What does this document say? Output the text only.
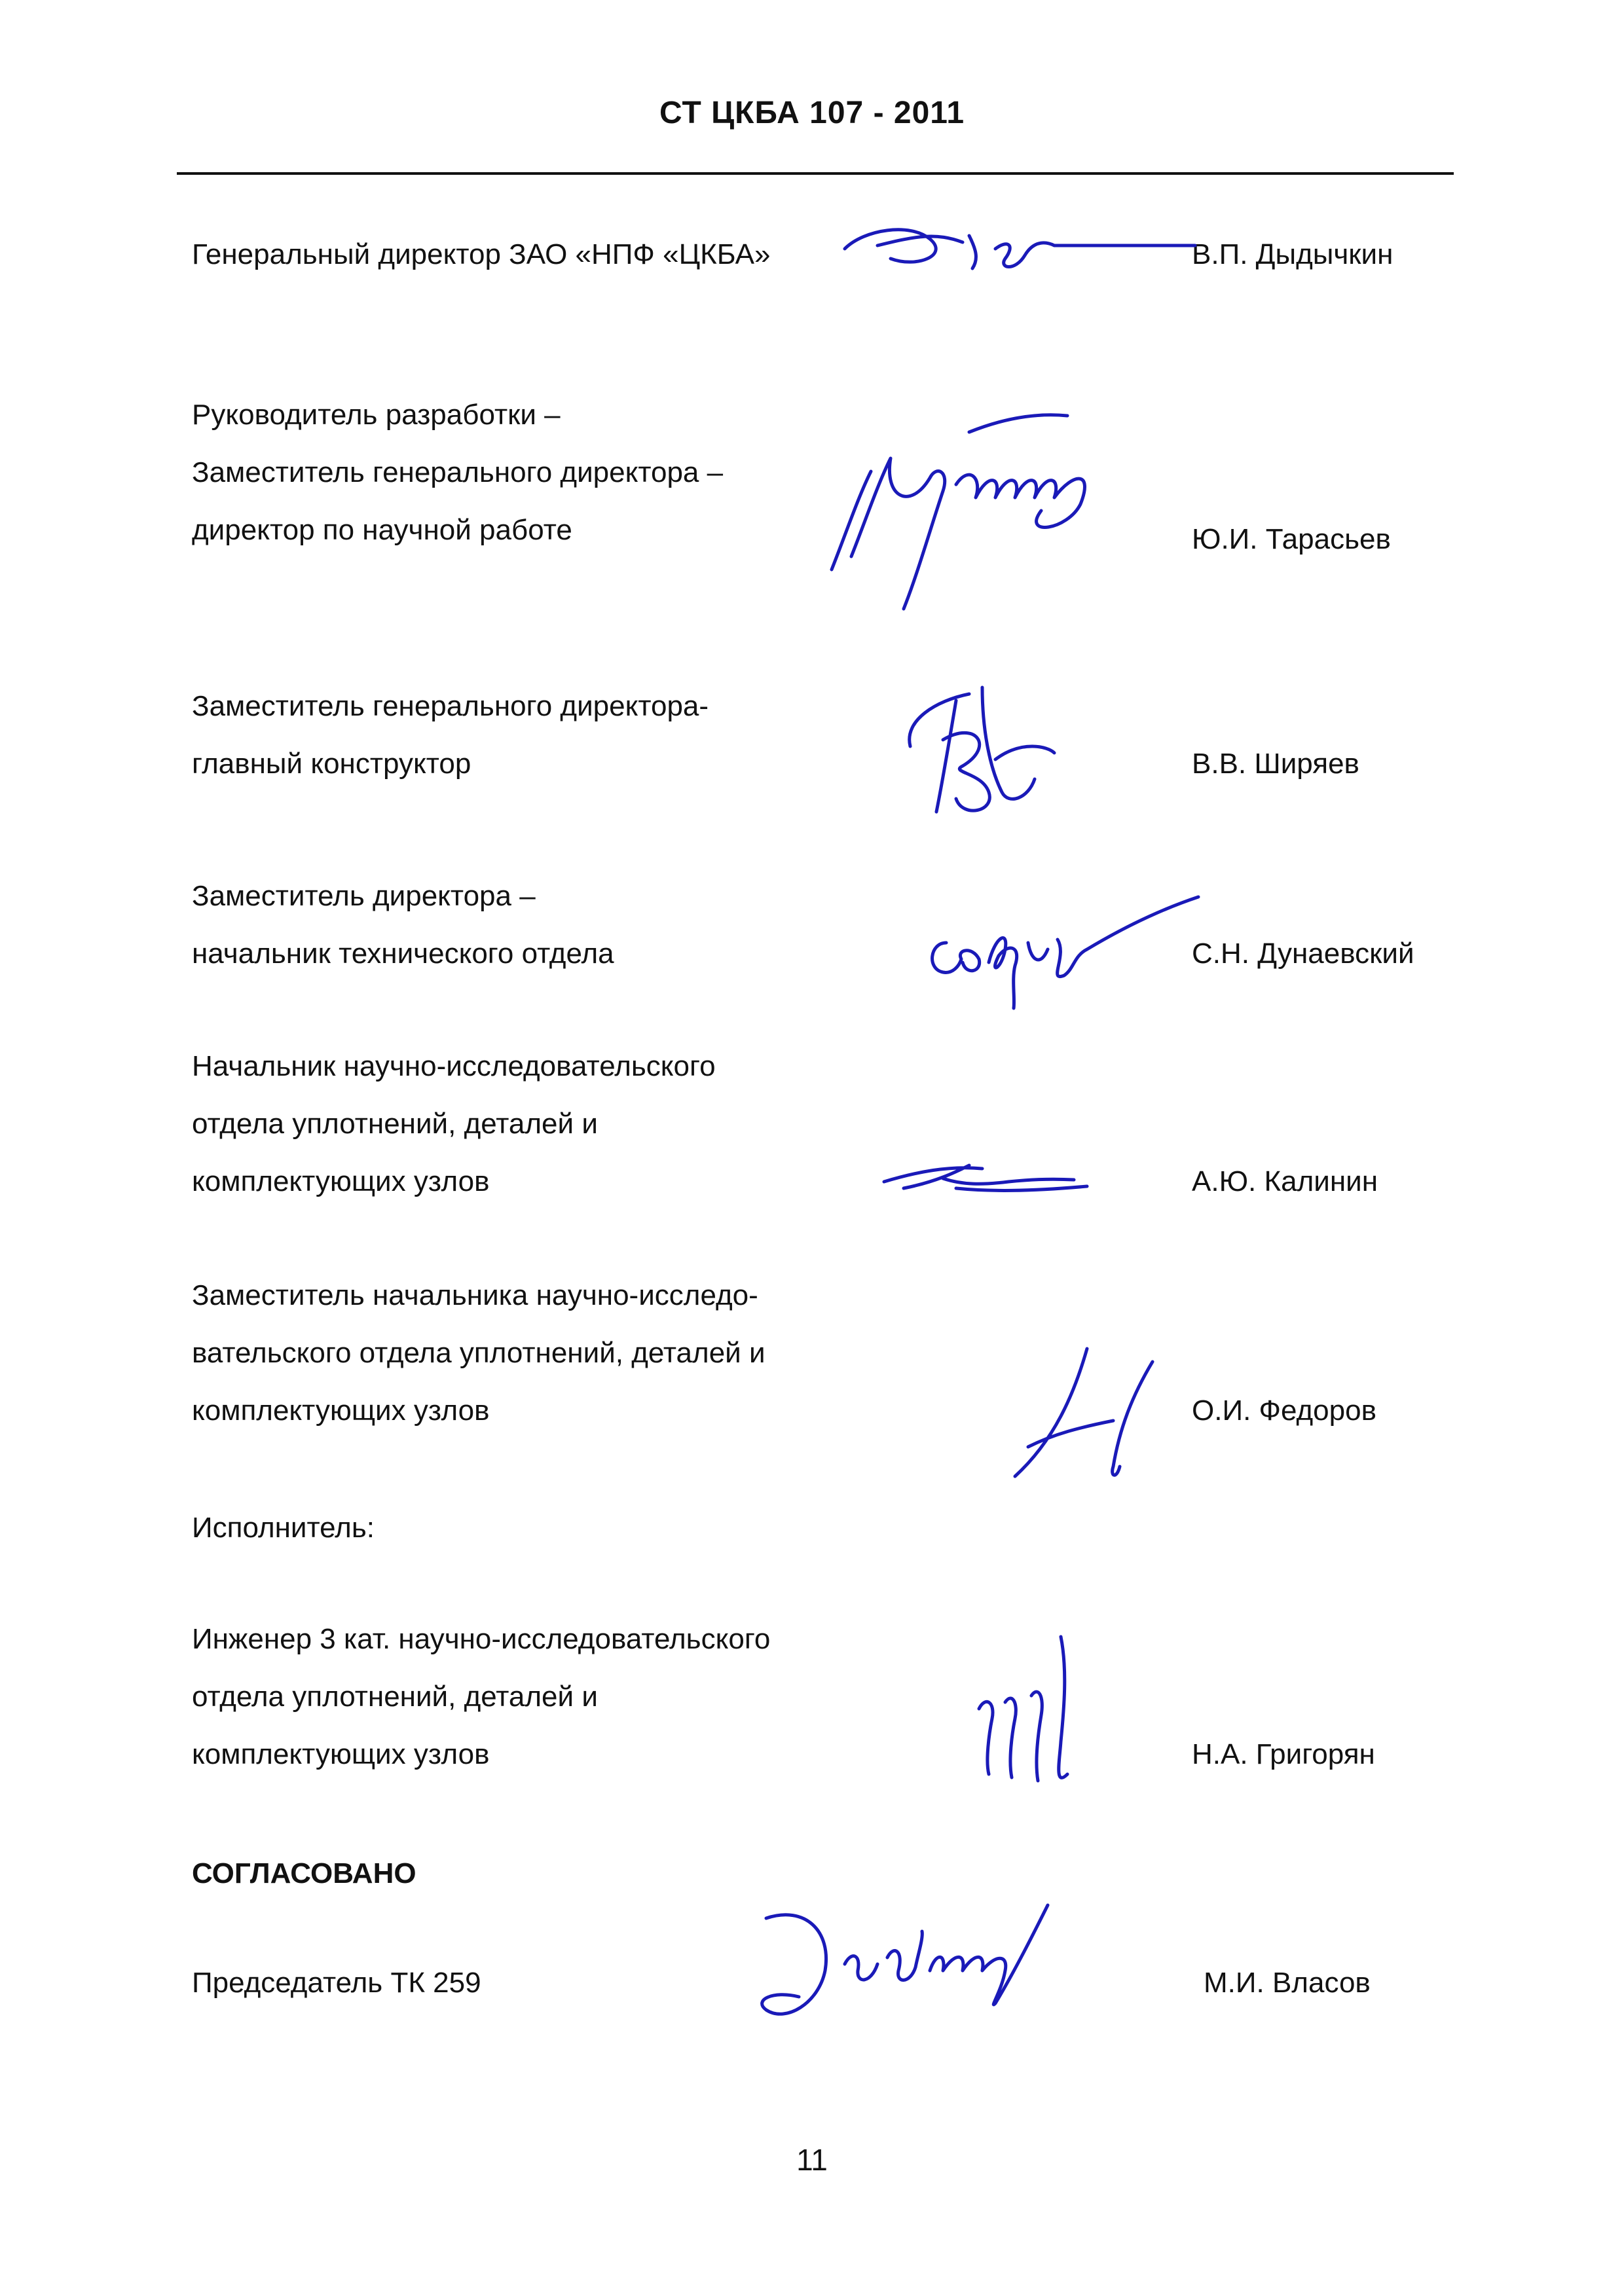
СТ ЦКБА 107 - 2011
Генеральный директор ЗАО «НПФ «ЦКБА»	В.П. Дыдычкин
Руководитель разработки –
Заместитель генерального директора –
директор по научной работе	Ю.И. Тарасьев
Заместитель генерального директора-
главный конструктор	В.В. Ширяев
Заместитель директора –
начальник технического отдела	С.Н. Дунаевский
Начальник научно-исследовательского
отдела уплотнений, деталей и
комплектующих узлов	А.Ю. Калинин
Заместитель начальника научно-исследо-
вательского отдела уплотнений, деталей и
комплектующих узлов	О.И. Федоров
Исполнитель:
Инженер 3 кат. научно-исследовательского
отдела уплотнений, деталей и
комплектующих узлов	Н.А. Григорян
СОГЛАСОВАНО
Председатель ТК 259	М.И. Власов
11
